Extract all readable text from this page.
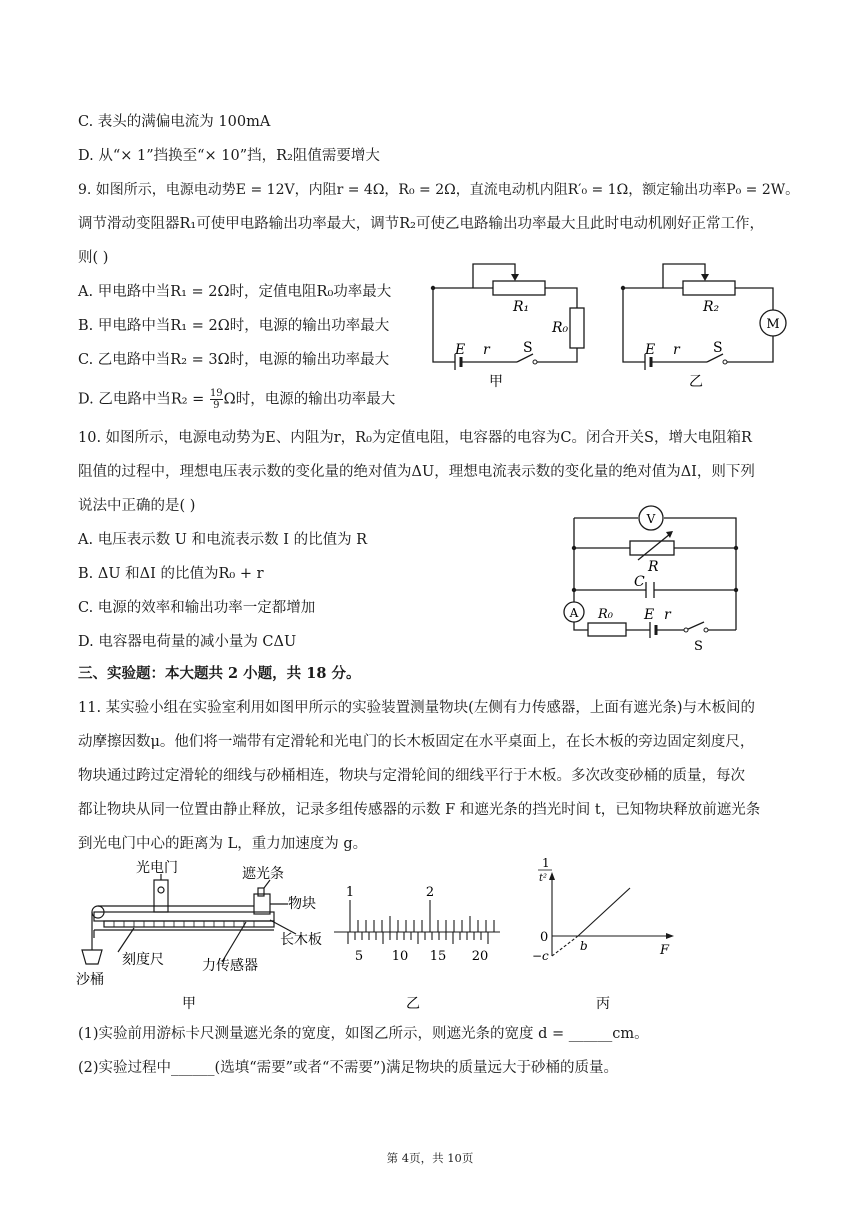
C. 表头的满偏电流为 100mA
D. 从“× 1”挡换至“× 10”挡，R₂阻值需要增大
9. 如图所示，电源电动势E = 12V，内阻r = 4Ω，R₀ = 2Ω，直流电动机内阻R′₀ = 1Ω，额定输出功率P₀ = 2W。
调节滑动变阻器R₁可使甲电路输出功率最大，调节R₂可使乙电路输出功率最大且此时电动机刚好正常工作，
则( )
A. 甲电路中当R₁ = 2Ω时，定值电阻R₀功率最大
B. 甲电路中当R₁ = 2Ω时，电源的输出功率最大
C. 乙电路中当R₂ = 3Ω时，电源的输出功率最大
D. 乙电路中当$R_2 = \frac{19}{9}$ Ω时，电源的输出功率最大
10. 如图所示，电源电动势为E、内阻为r，R₀为定值电阻，电容器的电容为C。闭合开关S，增大电阻箱R
阻值的过程中，理想电压表示数的变化量的绝对值为ΔU，理想电流表示数的变化量的绝对值为ΔI，则下列
说法中正确的是( )
A. 电压表示数 U 和电流表示数 I 的比值为 R
B. ΔU 和ΔI 的比值为R₀ + r
C. 电源的效率和输出功率一定都增加
D. 电容器电荷量的减小量为 CΔU
三、实验题：本大题共 2 小题，共 18 分。
11. 某实验小组在实验室利用如图甲所示的实验装置测量物块(左侧有力传感器，上面有遮光条)与木板间的
动摩擦因数μ。他们将一端带有定滑轮和光电门的长木板固定在水平桌面上，在长木板的旁边固定刻度尺，
物块通过跨过定滑轮的细线与砂桶相连，物块与定滑轮间的细线平行于木板。多次改变砂桶的质量，每次
都让物块从同一位置由静止释放，记录多组传感器的示数 F 和遮光条的挡光时间 t，已知物块释放前遮光条
到光电门中心的距离为 L，重力加速度为 g。
(1)实验前用游标卡尺测量遮光条的宽度，如图乙所示，则遮光条的宽度 d = ______cm。
(2)实验过程中______(选填“需要”或者“不需要”)满足物块的质量远大于砂桶的质量。
R₁
R₀
E r S
甲
R₂
M
E r S
乙
V
R
C
A R₀ E r
S
光电门	遮光条
物块
刻度尺	力传感器
长木板
沙桶
甲
1	2
5 10 15 20
乙
1
t²
0
b
−c	F
丙
第 4页，共 10页
